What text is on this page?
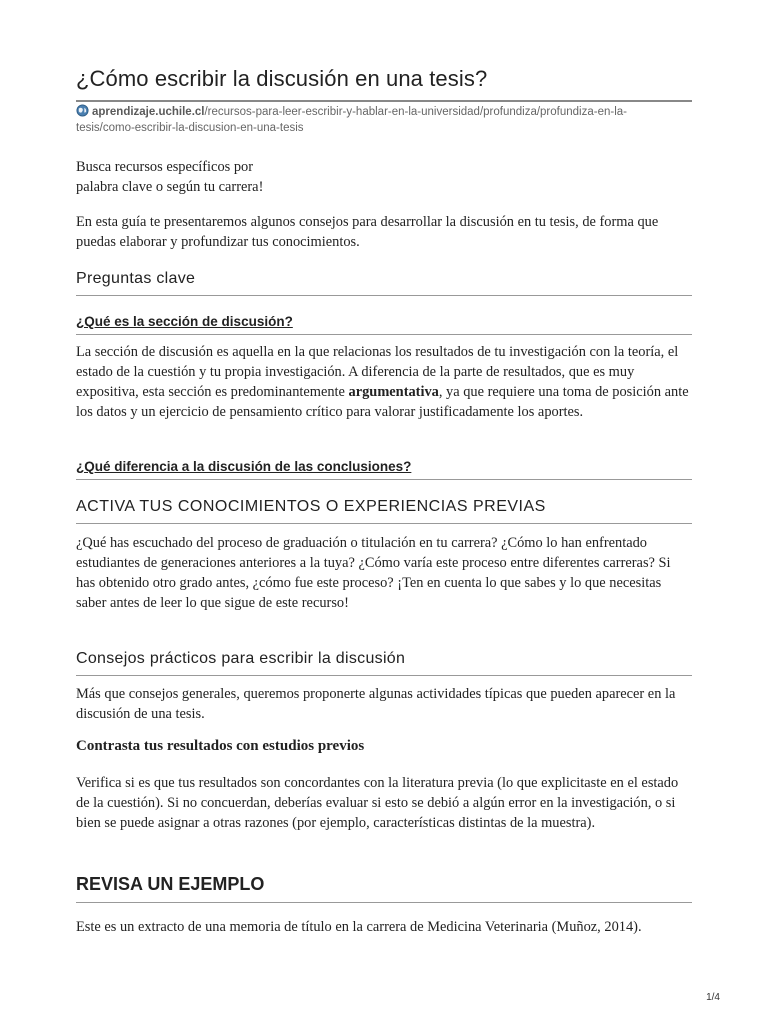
¿Cómo escribir la discusión en una tesis?
aprendizaje.uchile.cl/recursos-para-leer-escribir-y-hablar-en-la-universidad/profundiza/profundiza-en-la-
tesis/como-escribir-la-discusion-en-una-tesis

Busca recursos específicos por
palabra clave o según tu carrera!

En esta guía te presentaremos algunos consejos para desarrollar la discusión en tu tesis, de forma que puedas elaborar y profundizar tus conocimientos.

Preguntas clave
¿Qué es la sección de discusión?

La sección de discusión es aquella en la que relacionas los resultados de tu investigación con la teoría, el estado de la cuestión y tu propia investigación. A diferencia de la parte de resultados, que es muy expositiva, esta sección es predominantemente argumentativa, ya que requiere una toma de posición ante los datos y un ejercicio de pensamiento crítico para valorar justificadamente los aportes.

¿Qué diferencia a la discusión de las conclusiones?
ACTIVA TUS CONOCIMIENTOS O EXPERIENCIAS PREVIAS

¿Qué has escuchado del proceso de graduación o titulación en tu carrera? ¿Cómo lo han enfrentado estudiantes de generaciones anteriores a la tuya? ¿Cómo varía este proceso entre diferentes carreras? Si has obtenido otro grado antes, ¿cómo fue este proceso? ¡Ten en cuenta lo que sabes y lo que necesitas saber antes de leer lo que sigue de este recurso!

Consejos prácticos para escribir la discusión

Más que consejos generales, queremos proponerte algunas actividades típicas que pueden aparecer en la discusión de una tesis.

Contrasta tus resultados con estudios previos

Verifica si es que tus resultados son concordantes con la literatura previa (lo que explicitaste en el estado de la cuestión). Si no concuerdan, deberías evaluar si esto se debió a algún error en la investigación, o si bien se puede asignar a otras razones (por ejemplo, características distintas de la muestra).

REVISA UN EJEMPLO

Este es un extracto de una memoria de título en la carrera de Medicina Veterinaria (Muñoz, 2014).

1/4
